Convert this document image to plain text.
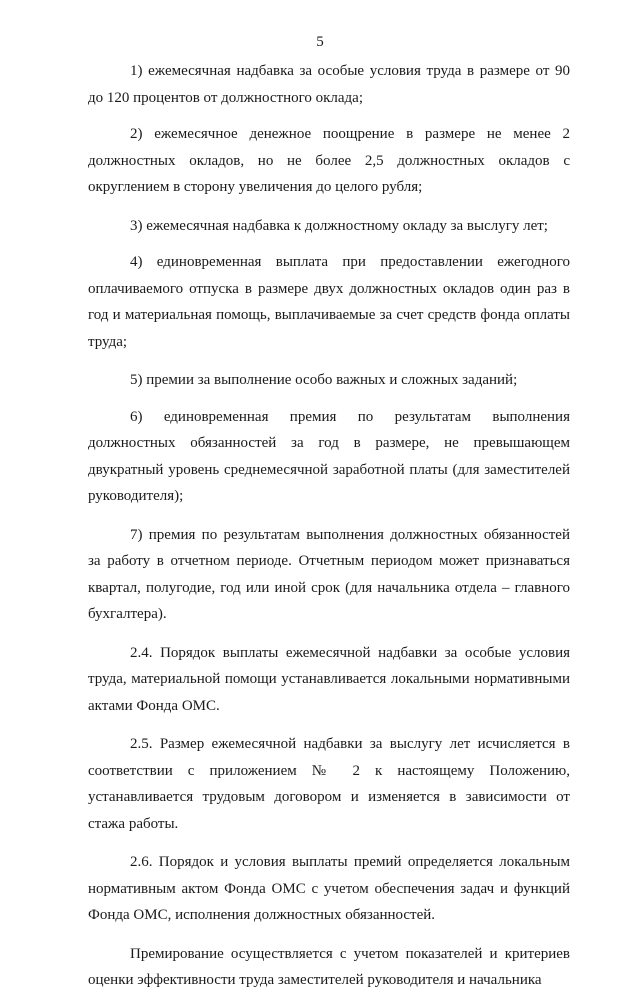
5

1) ежемесячная надбавка за особые условия труда в размере от 90 до 120 процентов от должностного оклада;

2) ежемесячное денежное поощрение в размере не менее 2 должностных окладов, но не более 2,5 должностных окладов с округлением в сторону увеличения до целого рубля;

3) ежемесячная надбавка к должностному окладу за выслугу лет;

4) единовременная выплата при предоставлении ежегодного оплачиваемого отпуска в размере двух должностных окладов один раз в год и материальная помощь, выплачиваемые за счет средств фонда оплаты труда;

5) премии за выполнение особо важных и сложных заданий;

6) единовременная премия по результатам выполнения должностных обязанностей за год в размере, не превышающем двукратный уровень среднемесячной заработной платы (для заместителей руководителя);

7) премия по результатам выполнения должностных обязанностей за работу в отчетном периоде. Отчетным периодом может признаваться квартал, полугодие, год или иной срок (для начальника отдела – главного бухгалтера).

2.4. Порядок выплаты ежемесячной надбавки за особые условия труда, материальной помощи устанавливается локальными нормативными актами Фонда ОМС.

2.5. Размер ежемесячной надбавки за выслугу лет исчисляется в соответствии с приложением № 2 к настоящему Положению, устанавливается трудовым договором и изменяется в зависимости от стажа работы.

2.6. Порядок и условия выплаты премий определяется локальным нормативным актом Фонда ОМС с учетом обеспечения задач и функций Фонда ОМС, исполнения должностных обязанностей.

Премирование осуществляется с учетом показателей и критериев оценки эффективности труда заместителей руководителя и начальника
